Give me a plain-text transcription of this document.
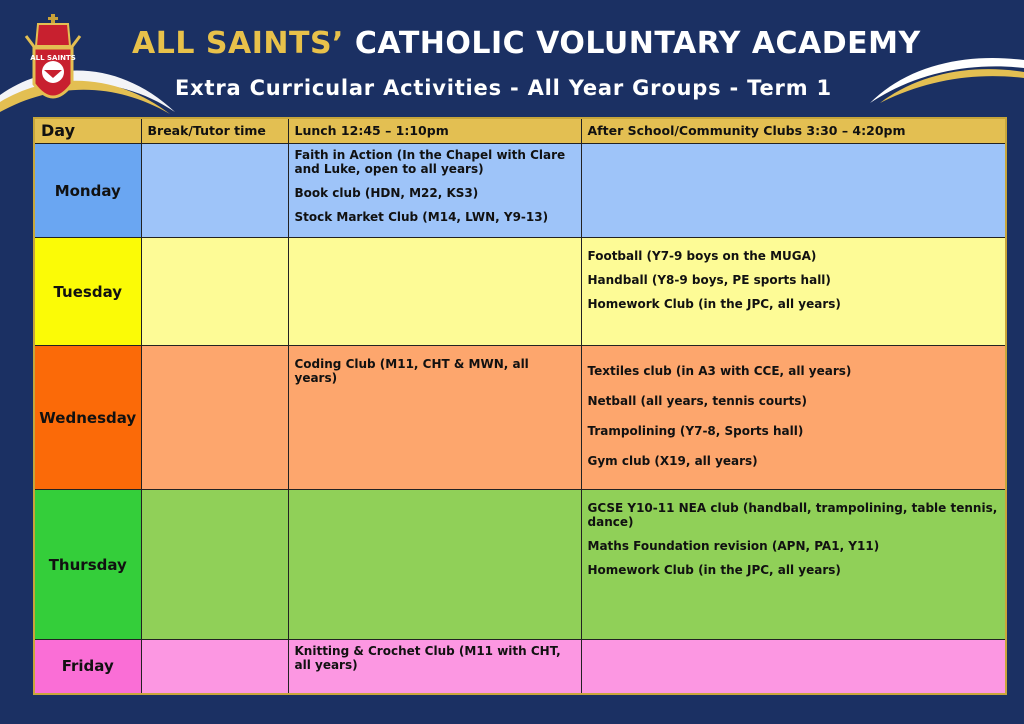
ALL SAINTS ALL SAINTS’ CATHOLIC VOLUNTARY ACADEMY
Extra Curricular Activities - All Year Groups - Term 1
Day	Break/Tutor time	Lunch 12:45 – 1:10pm	After School/Community Clubs 3:30 – 4:20pm
Monday		Faith in Action (In the Chapel with Clare and Luke, open to all years)
Book club (HDN, M22, KS3)
Stock Market Club (M14, LWN, Y9-13)	

Tuesday			Football (Y7-9 boys on the MUGA)
Handball (Y8-9 boys, PE sports hall)
Homework Club (in the JPC, all years)

Wednesday		Coding Club (M11, CHT & MWN, all years)	Textiles club (in A3 with CCE, all years)
Netball (all years, tennis courts)
Trampolining (Y7-8, Sports hall)
Gym club (X19, all years)

Thursday			GCSE Y10-11 NEA club (handball, trampolining, table tennis, dance)
Maths Foundation revision (APN, PA1, Y11)
Homework Club (in the JPC, all years)

Friday		Knitting & Crochet Club (M11 with CHT, all years)	
